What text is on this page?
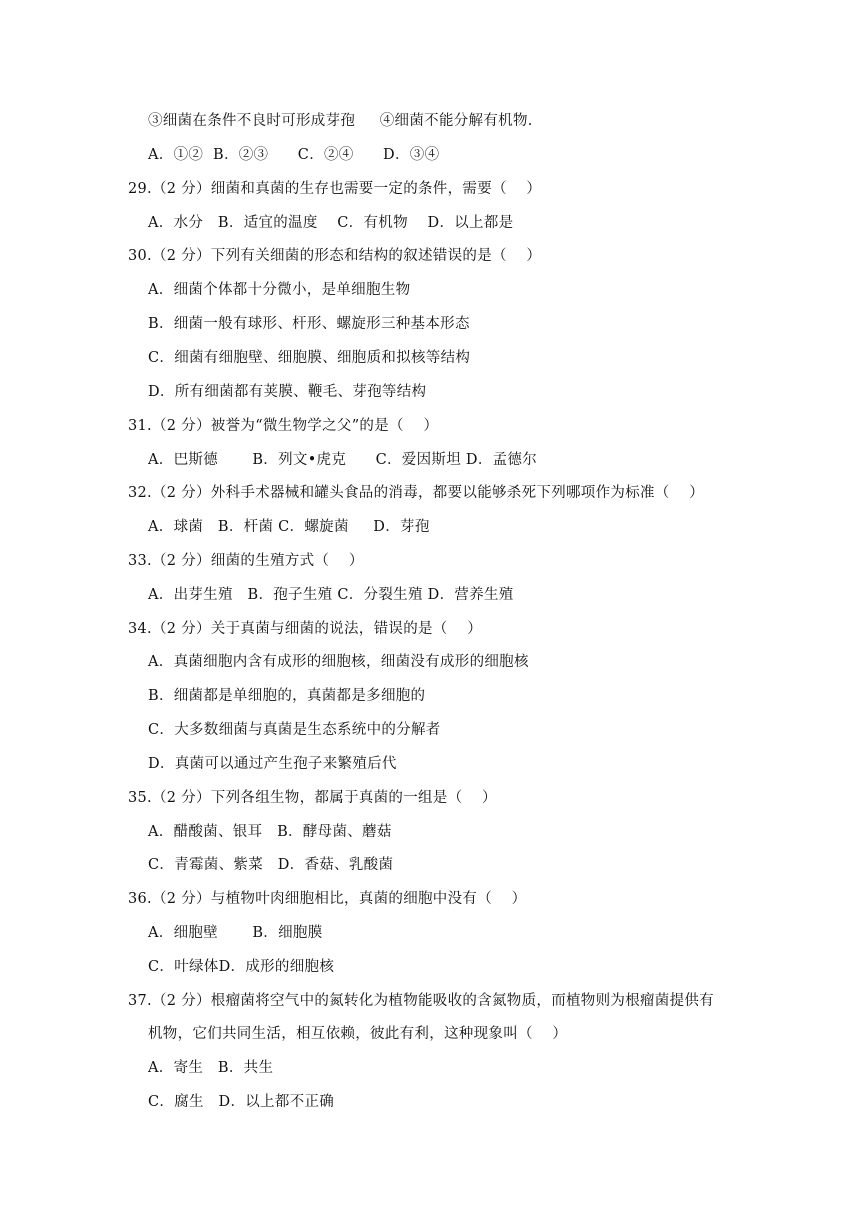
③细菌在条件不良时可形成芽孢     ④细菌不能分解有机物.
A．①②  B．②③      C．②④      D．③④
29.（2 分）细菌和真菌的生存也需要一定的条件，需要（    ）
A．水分   B．适宜的温度    C．有机物    D．以上都是
30.（2 分）下列有关细菌的形态和结构的叙述错误的是（    ）
A．细菌个体都十分微小，是单细胞生物
B．细菌一般有球形、杆形、螺旋形三种基本形态
C．细菌有细胞壁、细胞膜、细胞质和拟核等结构
D．所有细菌都有荚膜、鞭毛、芽孢等结构
31.（2 分）被誉为“微生物学之父”的是（    ）
A．巴斯德       B．列文•虎克      C．爱因斯坦 D．孟德尔
32.（2 分）外科手术器械和罐头食品的消毒，都要以能够杀死下列哪项作为标准（    ）
A．球菌   B．杆菌 C．螺旋菌     D．芽孢
33.（2 分）细菌的生殖方式（    ）
A．出芽生殖   B．孢子生殖 C．分裂生殖 D．营养生殖
34.（2 分）关于真菌与细菌的说法，错误的是（    ）
A．真菌细胞内含有成形的细胞核，细菌没有成形的细胞核
B．细菌都是单细胞的，真菌都是多细胞的
C．大多数细菌与真菌是生态系统中的分解者
D．真菌可以通过产生孢子来繁殖后代
35.（2 分）下列各组生物，都属于真菌的一组是（    ）
A．醋酸菌、银耳   B．酵母菌、蘑菇
C．青霉菌、紫菜   D．香菇、乳酸菌
36.（2 分）与植物叶肉细胞相比，真菌的细胞中没有（    ）
A．细胞壁       B．细胞膜
C．叶绿体D．成形的细胞核
37.（2 分）根瘤菌将空气中的氮转化为植物能吸收的含氮物质，而植物则为根瘤菌提供有
机物，它们共同生活，相互依赖，彼此有利，这种现象叫（    ）
A．寄生   B．共生
C．腐生   D．以上都不正确
